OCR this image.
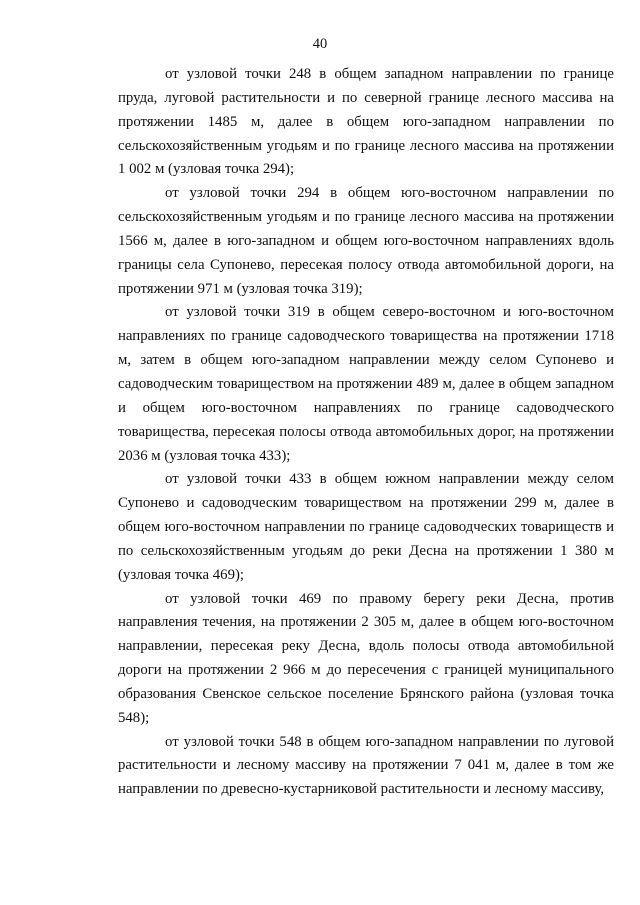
40

от узловой точки 248 в общем западном направлении по границе пруда, луговой растительности и по северной границе лесного массива на протяжении 1485 м, далее в общем юго-западном направлении по сельскохозяйственным угодьям и по границе лесного массива на протяжении 1 002 м (узловая точка 294);

от узловой точки 294 в общем юго-восточном направлении по сельскохозяйственным угодьям и по границе лесного массива на протяжении 1566 м, далее в юго-западном и общем юго-восточном направлениях вдоль границы села Супонево, пересекая полосу отвода автомобильной дороги, на протяжении 971 м (узловая точка 319);

от узловой точки 319 в общем северо-восточном и юго-восточном направлениях по границе садоводческого товарищества на протяжении 1718 м, затем в общем юго-западном направлении между селом Супонево и садоводческим товариществом на протяжении 489 м, далее в общем западном и общем юго-восточном направлениях по границе садоводческого товарищества, пересекая полосы отвода автомобильных дорог, на протяжении 2036 м (узловая точка 433);

от узловой точки 433 в общем южном направлении между селом Супонево и садоводческим товариществом на протяжении 299 м, далее в общем юго-восточном направлении по границе садоводческих товариществ и по сельскохозяйственным угодьям до реки Десна на протяжении 1 380 м (узловая точка 469);

от узловой точки 469 по правому берегу реки Десна, против направления течения, на протяжении 2 305 м, далее в общем юго-восточном направлении, пересекая реку Десна, вдоль полосы отвода автомобильной дороги на протяжении 2 966 м до пересечения с границей муниципального образования Свенское сельское поселение Брянского района (узловая точка 548);

от узловой точки 548 в общем юго-западном направлении по луговой растительности и лесному массиву на протяжении 7 041 м, далее в том же направлении по древесно-кустарниковой растительности и лесному массиву,
